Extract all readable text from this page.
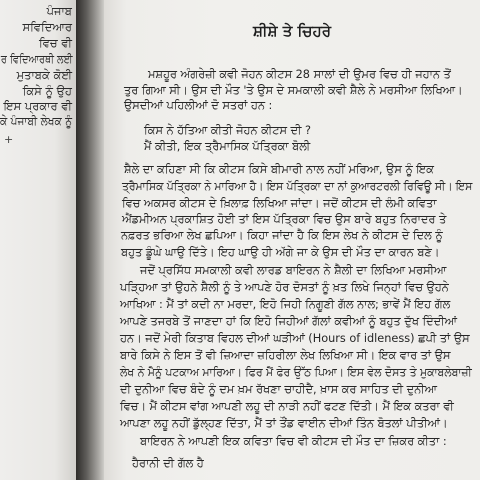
ਪੰਜਾਬ
ਸਵਿਦਿਆਰ
ਵਿਚ ਵੀ
ਰ ਵਿਦਿਆਰਥੀ ਲਈ
ਮੁਤਾਬਕੇ ਕੋਈ
ਕਿਸੇ ਨੂੰ ਉਹ
ਇਸ ਪ੍ਰਕਾਰ ਵੀ
ਕੇ ਪੰਜਾਬੀ ਲੇਖਕ ਨੂੰ
+
ਸ਼ੀਸ਼ੇ ਤੇ ਚਿਹਰੇ
ਮਸ਼ਹੂਰ ਅੰਗਰੇਜ਼ੀ ਕਵੀ ਜੋਹਨ ਕੀਟਸ 28 ਸਾਲਾਂ ਦੀ ਉਮਰ ਵਿਚ ਹੀ ਜਹਾਨ ਤੋਂ
ਤੁਰ ਗਿਆ ਸੀ। ਉਸ ਦੀ ਮੌਤ 'ਤੇ ਉਸ ਦੇ ਸਮਕਾਲੀ ਕਵੀ ਸ਼ੈਲੇ ਨੇ ਮਰਸੀਆ ਲਿਖਿਆ।
ਉਸਦੀਆਂ ਪਹਿਲੀਆਂ ਦੋ ਸਤਰਾਂ ਹਨ :
ਕਿਸ ਨੇ ਹੱਤਿਆ ਕੀਤੀ ਜੋਹਨ ਕੀਟਸ ਦੀ ?
ਮੈਂ ਕੀਤੀ, ਇਕ ਤ੍ਰੈਮਾਸਿਕ ਪੱਤ੍ਰਿਕਾ ਬੋਲੀ
ਸ਼ੈਲੇ ਦਾ ਕਹਿਣਾ ਸੀ ਕਿ ਕੀਟਸ ਕਿਸੇ ਬੀਮਾਰੀ ਨਾਲ ਨਹੀਂ ਮਰਿਆ, ਉਸ ਨੂੰ ਇਕ
ਤ੍ਰੈਮਾਸਿਕ ਪੱਤ੍ਰਿਕਾ ਨੇ ਮਾਰਿਆ ਹੈ। ਇਸ ਪੱਤ੍ਰਿਕਾ ਦਾ ਨਾਂ ਕੁਆਰਟਰਲੀ ਰਿਵਿਊ ਸੀ। ਇਸ
ਵਿਚ ਅਕਸਰ ਕੀਟਸ ਦੇ ਖ਼ਿਲਾਫ਼ ਲਿਖਿਆ ਜਾਂਦਾ। ਜਦੋਂ ਕੀਟਸ ਦੀ ਲੰਮੀ ਕਵਿਤਾ
ਐਂਡਮੀਅਨ ਪ੍ਰਕਾਸ਼ਿਤ ਹੋਈ ਤਾਂ ਇਸ ਪੱਤ੍ਰਿਕਾ ਵਿਚ ਉਸ ਬਾਰੇ ਬਹੁਤ ਨਿਰਾਦਰ ਤੇ
ਨਫ਼ਰਤ ਭਰਿਆ ਲੇਖ ਛਪਿਆ। ਕਿਹਾ ਜਾਂਦਾ ਹੈ ਕਿ ਇਸ ਲੇਖ ਨੇ ਕੀਟਸ ਦੇ ਦਿਲ ਨੂੰ
ਬਹੁਤ ਡੂੰਘੇ ਘਾਉ ਦਿੱਤੇ। ਇਹ ਘਾਉ ਹੀ ਅੱਗੇ ਜਾ ਕੇ ਉਸ ਦੀ ਮੌਤ ਦਾ ਕਾਰਨ ਬਣੇ।
ਜਦੋਂ ਪ੍ਰਸਿੱਧ ਸਮਕਾਲੀ ਕਵੀ ਲਾਰਡ ਬਾਇਰਨ ਨੇ ਸ਼ੈਲੀ ਦਾ ਲਿਖਿਆ ਮਰਸੀਆ
ਪੜ੍ਹਿਆ ਤਾਂ ਉਹਨੇ ਸ਼ੈਲੀ ਨੂੰ ਤੇ ਆਪਣੇ ਹੋਰ ਦੋਸਤਾਂ ਨੂੰ ਖ਼ਤ ਲਿਖੇ ਜਿਨ੍ਹਾਂ ਵਿਚ ਉਹਨੇ
ਆਖਿਆ : ਮੈਂ ਤਾਂ ਕਦੀ ਨਾ ਮਰਦਾ, ਇਹੋ ਜਿਹੀ ਨਿਗੂਣੀ ਗੱਲ ਨਾਲ; ਭਾਵੇਂ ਮੈਂ ਇਹ ਗੱਲ
ਆਪਣੇ ਤਜਰਬੇ ਤੋਂ ਜਾਣਦਾ ਹਾਂ ਕਿ ਇਹੋ ਜਿਹੀਆਂ ਗੱਲਾਂ ਕਵੀਆਂ ਨੂੰ ਬਹੁਤ ਦੁੱਖ ਦਿੰਦੀਆਂ
ਹਨ। ਜਦੋਂ ਮੇਰੀ ਕਿਤਾਬ ਵਿਹਲ ਦੀਆਂ ਘੜੀਆਂ (Hours of idleness) ਛਪੀ ਤਾਂ ਉਸ
ਬਾਰੇ ਕਿਸੇ ਨੇ ਇਸ ਤੋਂ ਵੀ ਜ਼ਿਆਦਾ ਜ਼ਹਿਰੀਲਾ ਲੇਖ ਲਿਖਿਆ ਸੀ। ਇਕ ਵਾਰ ਤਾਂ ਉਸ
ਲੇਖ ਨੇ ਮੈਨੂੰ ਪਟਕਾਅ ਮਾਰਿਆ। ਫਿਰ ਮੈਂ ਫੇਰ ਉੱਠ ਪਿਆ। ਇਸ ਵੇਲ ਦੋਸਤ ਤੇ ਮੁਕਾਬਲੇਬਾਜ਼ੀ
ਦੀ ਦੁਨੀਆ ਵਿਚ ਬੰਦੇ ਨੂੰ ਦਮ ਖ਼ਮ ਰੱਖਣਾ ਚਾਹੀਦੈ, ਖ਼ਾਸ ਕਰ ਸਾਹਿਤ ਦੀ ਦੁਨੀਆ
ਵਿਚ। ਮੈਂ ਕੀਟਸ ਵਾਂਗ ਆਪਣੀ ਲਹੂ ਦੀ ਨਾੜੀ ਨਹੀਂ ਫਟਣ ਦਿੱਤੀ। ਮੈਂ ਇਕ ਕਤਰਾ ਵੀ
ਆਪਣਾ ਲਹੂ ਨਹੀਂ ਡੁੱਲ੍ਹਣ ਦਿੱਤਾ, ਮੈਂ ਤਾਂ ਤੌਂਡ ਵਾਈਨ ਦੀਆਂ ਤਿੰਨ ਬੋਤਲਾਂ ਪੀਤੀਆਂ।
ਬਾਇਰਨ ਨੇ ਆਪਣੀ ਇਕ ਕਵਿਤਾ ਵਿਚ ਵੀ ਕੀਟਸ ਦੀ ਮੌਤ ਦਾ ਜ਼ਿਕਰ ਕੀਤਾ :
ਹੈਰਾਨੀ ਦੀ ਗੱਲ ਹੈ
